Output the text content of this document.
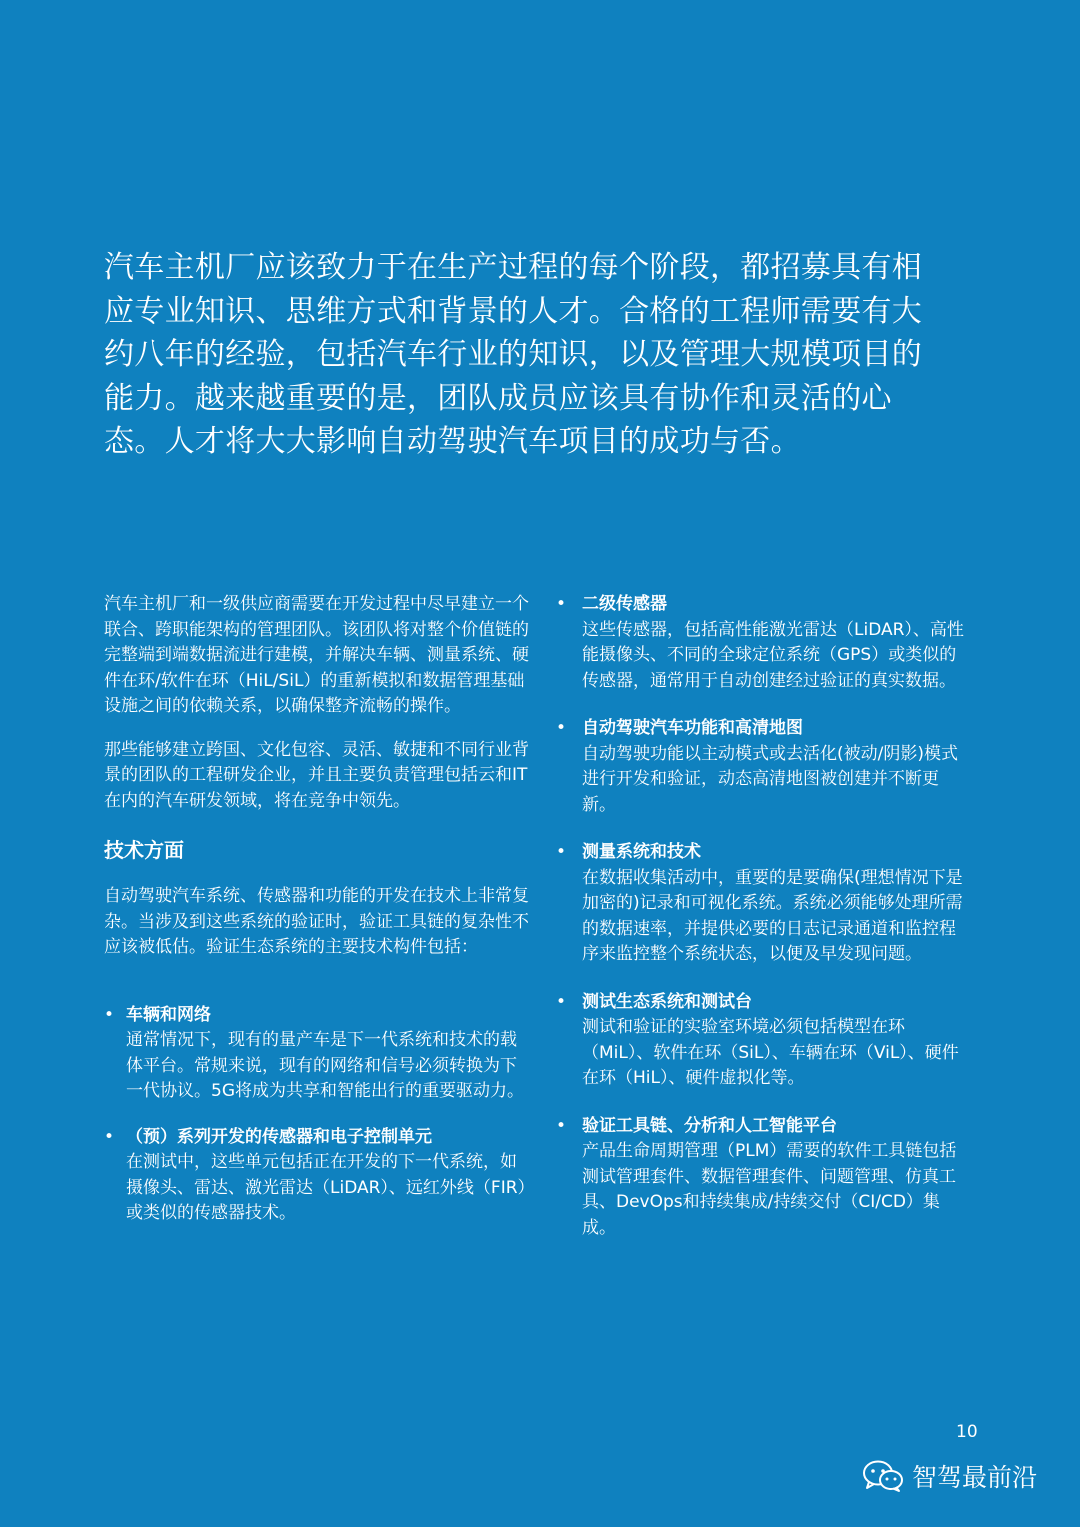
汽车主机厂应该致力于在生产过程的每个阶段，都招募具有相应专业知识、思维方式和背景的人才。合格的工程师需要有大约八年的经验，包括汽车行业的知识，以及管理大规模项目的能力。越来越重要的是，团队成员应该具有协作和灵活的心态。人才将大大影响自动驾驶汽车项目的成功与否。

汽车主机厂和一级供应商需要在开发过程中尽早建立一个联合、跨职能架构的管理团队。该团队将对整个价值链的完整端到端数据流进行建模，并解决车辆、测量系统、硬件在环/软件在环（HiL/SiL）的重新模拟和数据管理基础设施之间的依赖关系，以确保整齐流畅的操作。

那些能够建立跨国、文化包容、灵活、敏捷和不同行业背景的团队的工程研发企业，并且主要负责管理包括云和IT在内的汽车研发领域，将在竞争中领先。

技术方面

自动驾驶汽车系统、传感器和功能的开发在技术上非常复杂。当涉及到这些系统的验证时，验证工具链的复杂性不应该被低估。验证生态系统的主要技术构件包括：

• 车辆和网络
通常情况下，现有的量产车是下一代系统和技术的载体平台。常规来说，现有的网络和信号必须转换为下一代协议。5G将成为共享和智能出行的重要驱动力。
• （预）系列开发的传感器和电子控制单元
在测试中，这些单元包括正在开发的下一代系统，如摄像头、雷达、激光雷达（LiDAR）、远红外线（FIR）或类似的传感器技术。
• 二级传感器
这些传感器，包括高性能激光雷达（LiDAR）、高性能摄像头、不同的全球定位系统（GPS）或类似的传感器，通常用于自动创建经过验证的真实数据。
• 自动驾驶汽车功能和高清地图
自动驾驶功能以主动模式或去活化(被动/阴影)模式进行开发和验证，动态高清地图被创建并不断更新。
• 测量系统和技术
在数据收集活动中，重要的是要确保(理想情况下是加密的)记录和可视化系统。系统必须能够处理所需的数据速率，并提供必要的日志记录通道和监控程序来监控整个系统状态，以便及早发现问题。
• 测试生态系统和测试台
测试和验证的实验室环境必须包括模型在环（MiL）、软件在环（SiL）、车辆在环（ViL）、硬件在环（HiL）、硬件虚拟化等。
• 验证工具链、分析和人工智能平台
产品生命周期管理（PLM）需要的软件工具链包括测试管理套件、数据管理套件、问题管理、仿真工具、DevOps和持续集成/持续交付（CI/CD）集成。
10
智驾最前沿
